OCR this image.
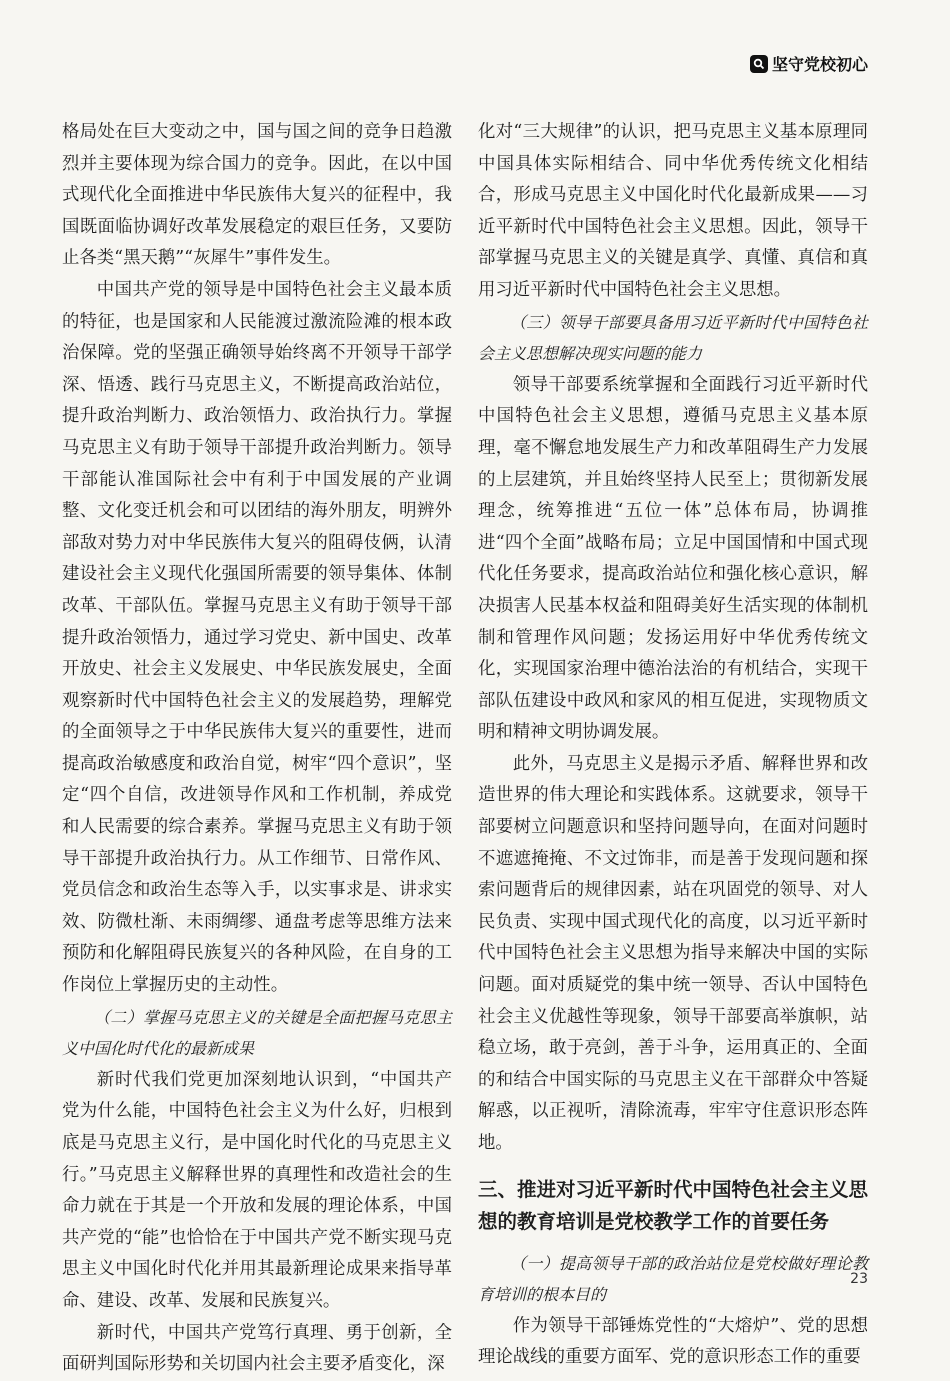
坚守党校初心

格局处在巨大变动之中，国与国之间的竞争日趋激烈并主要体现为综合国力的竞争。因此，在以中国式现代化全面推进中华民族伟大复兴的征程中，我国既面临协调好改革发展稳定的艰巨任务，又要防止各类“黑天鹅”“灰犀牛”事件发生。

中国共产党的领导是中国特色社会主义最本质的特征，也是国家和人民能渡过激流险滩的根本政治保障。党的坚强正确领导始终离不开领导干部学深、悟透、践行马克思主义，不断提高政治站位，提升政治判断力、政治领悟力、政治执行力。掌握马克思主义有助于领导干部提升政治判断力。领导干部能认准国际社会中有利于中国发展的产业调整、文化变迁机会和可以团结的海外朋友，明辨外部敌对势力对中华民族伟大复兴的阻碍伎俩，认清建设社会主义现代化强国所需要的领导集体、体制改革、干部队伍。掌握马克思主义有助于领导干部提升政治领悟力，通过学习党史、新中国史、改革开放史、社会主义发展史、中华民族发展史，全面观察新时代中国特色社会主义的发展趋势，理解党的全面领导之于中华民族伟大复兴的重要性，进而提高政治敏感度和政治自觉，树牢“四个意识”，坚定“四个自信，改进领导作风和工作机制，养成党和人民需要的综合素养。掌握马克思主义有助于领导干部提升政治执行力。从工作细节、日常作风、党员信念和政治生态等入手，以实事求是、讲求实效、防微杜渐、未雨绸缪、通盘考虑等思维方法来预防和化解阻碍民族复兴的各种风险，在自身的工作岗位上掌握历史的主动性。

（二）掌握马克思主义的关键是全面把握马克思主义中国化时代化的最新成果

新时代我们党更加深刻地认识到，“中国共产党为什么能，中国特色社会主义为什么好，归根到底是马克思主义行，是中国化时代化的马克思主义行。”马克思主义解释世界的真理性和改造社会的生命力就在于其是一个开放和发展的理论体系，中国共产党的“能”也恰恰在于中国共产党不断实现马克思主义中国化时代化并用其最新理论成果来指导革命、建设、改革、发展和民族复兴。

新时代，中国共产党笃行真理、勇于创新，全面研判国际形势和关切国内社会主要矛盾变化，深

化对“三大规律”的认识，把马克思主义基本原理同中国具体实际相结合、同中华优秀传统文化相结合，形成马克思主义中国化时代化最新成果——习近平新时代中国特色社会主义思想。因此，领导干部掌握马克思主义的关键是真学、真懂、真信和真用习近平新时代中国特色社会主义思想。

（三）领导干部要具备用习近平新时代中国特色社会主义思想解决现实问题的能力

领导干部要系统掌握和全面践行习近平新时代中国特色社会主义思想，遵循马克思主义基本原理，毫不懈怠地发展生产力和改革阻碍生产力发展的上层建筑，并且始终坚持人民至上；贯彻新发展理念，统筹推进“五位一体”总体布局，协调推进“四个全面”战略布局；立足中国国情和中国式现代化任务要求，提高政治站位和强化核心意识，解决损害人民基本权益和阻碍美好生活实现的体制机制和管理作风问题；发扬运用好中华优秀传统文化，实现国家治理中德治法治的有机结合，实现干部队伍建设中政风和家风的相互促进，实现物质文明和精神文明协调发展。

此外，马克思主义是揭示矛盾、解释世界和改造世界的伟大理论和实践体系。这就要求，领导干部要树立问题意识和坚持问题导向，在面对问题时不遮遮掩掩、不文过饰非，而是善于发现问题和探索问题背后的规律因素，站在巩固党的领导、对人民负责、实现中国式现代化的高度，以习近平新时代中国特色社会主义思想为指导来解决中国的实际问题。面对质疑党的集中统一领导、否认中国特色社会主义优越性等现象，领导干部要高举旗帜，站稳立场，敢于亮剑，善于斗争，运用真正的、全面的和结合中国实际的马克思主义在干部群众中答疑解惑，以正视听，清除流毒，牢牢守住意识形态阵地。

三、推进对习近平新时代中国特色社会主义思想的教育培训是党校教学工作的首要任务

（一）提高领导干部的政治站位是党校做好理论教育培训的根本目的

作为领导干部锤炼党性的“大熔炉”、党的思想理论战线的重要方面军、党的意识形态工作的重要

23
